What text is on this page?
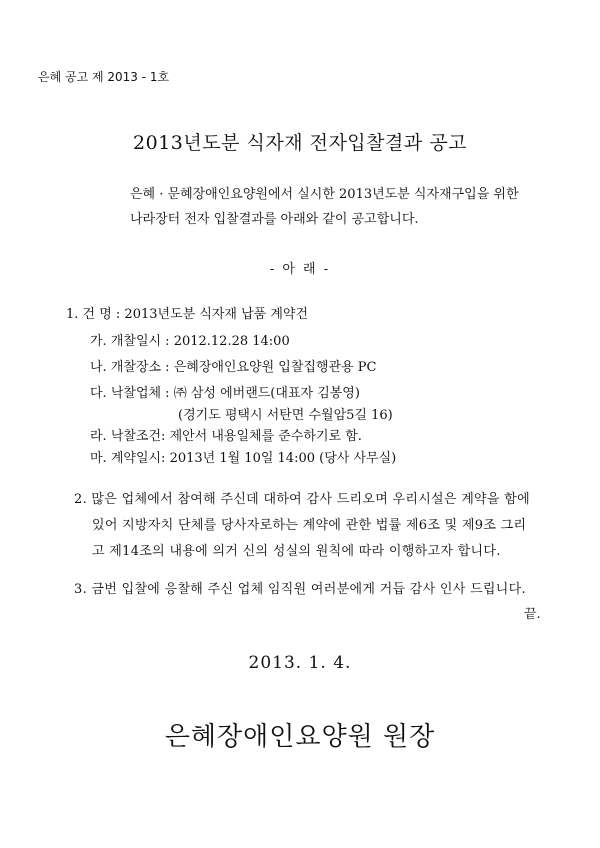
은혜 공고 제 2013 - 1호
2013년도분 식자재 전자입찰결과 공고
은혜 · 문혜장애인요양원에서 실시한 2013년도분 식자재구입을 위한
나라장터 전자 입찰결과를 아래와 같이 공고합니다.
- 아 래 -
1. 건 명 : 2013년도분 식자재 납품 계약건
가. 개찰일시 : 2012.12.28 14:00
나. 개찰장소 : 은혜장애인요양원 입찰집행관용 PC
다. 낙찰업체 : ㈜ 삼성 에버랜드(대표자 김봉영)
(경기도 평택시 서탄면 수월암5길 16)
라. 낙찰조건: 제안서 내용일체를 준수하기로 함.
마. 계약일시: 2013년 1월 10일 14:00 (당사 사무실)
2. 많은 업체에서 참여해 주신데 대하여 감사 드리오며 우리시설은 계약을 함에
있어 지방자치 단체를 당사자로하는 계약에 관한 법률 제6조 및 제9조 그리
고 제14조의 내용에 의거 신의 성실의 원칙에 따라 이행하고자 합니다.
3. 금번 입찰에 응찰해 주신 업체 임직원 여러분에게 거듭 감사 인사 드립니다.
끝.
2013. 1. 4.
은혜장애인요양원 원장
